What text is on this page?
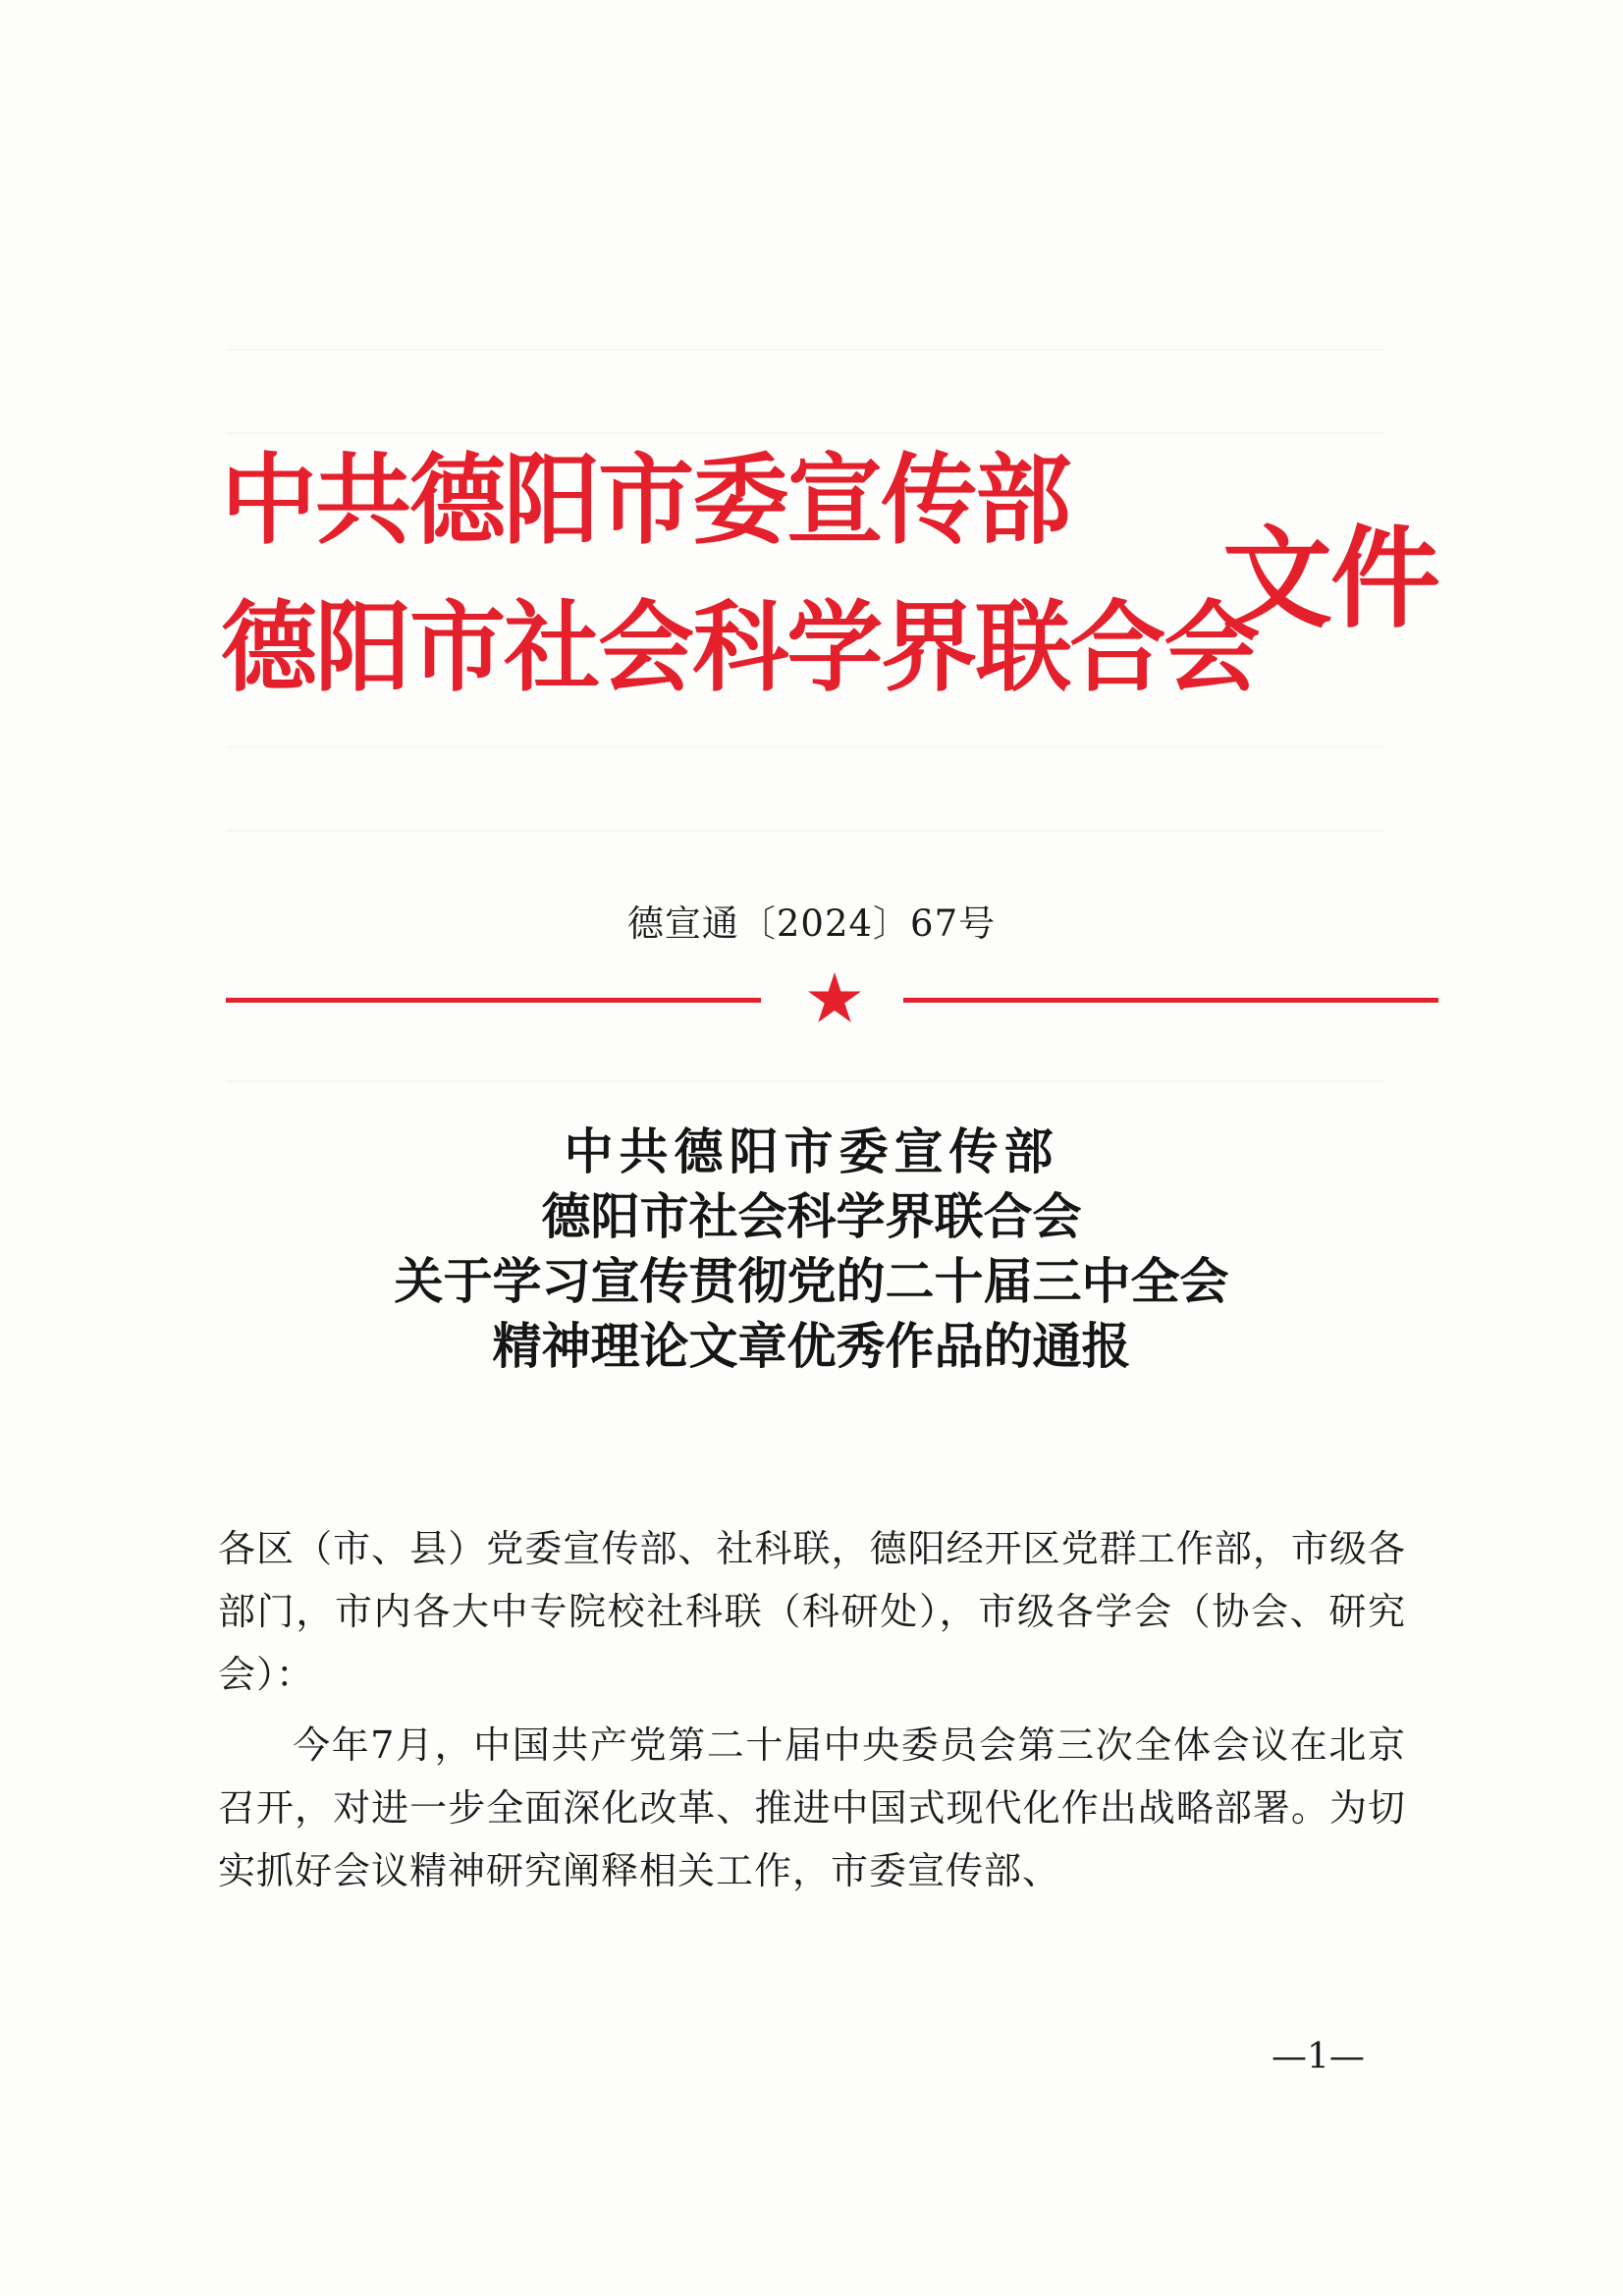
中共德阳市委宣传部
德阳市社会科学界联合会
文件
德宣通〔2024〕67号
中共德阳市委宣传部
德阳市社会科学界联合会
关于学习宣传贯彻党的二十届三中全会
精神理论文章优秀作品的通报

各区（市、县）党委宣传部、社科联，德阳经开区党群工作部，市级各部门，市内各大中专院校社科联（科研处），市级各学会（协会、研究会）：

今年7月，中国共产党第二十届中央委员会第三次全体会议在北京召开，对进一步全面深化改革、推进中国式现代化作出战略部署。为切实抓好会议精神研究阐释相关工作，市委宣传部、

—1—
